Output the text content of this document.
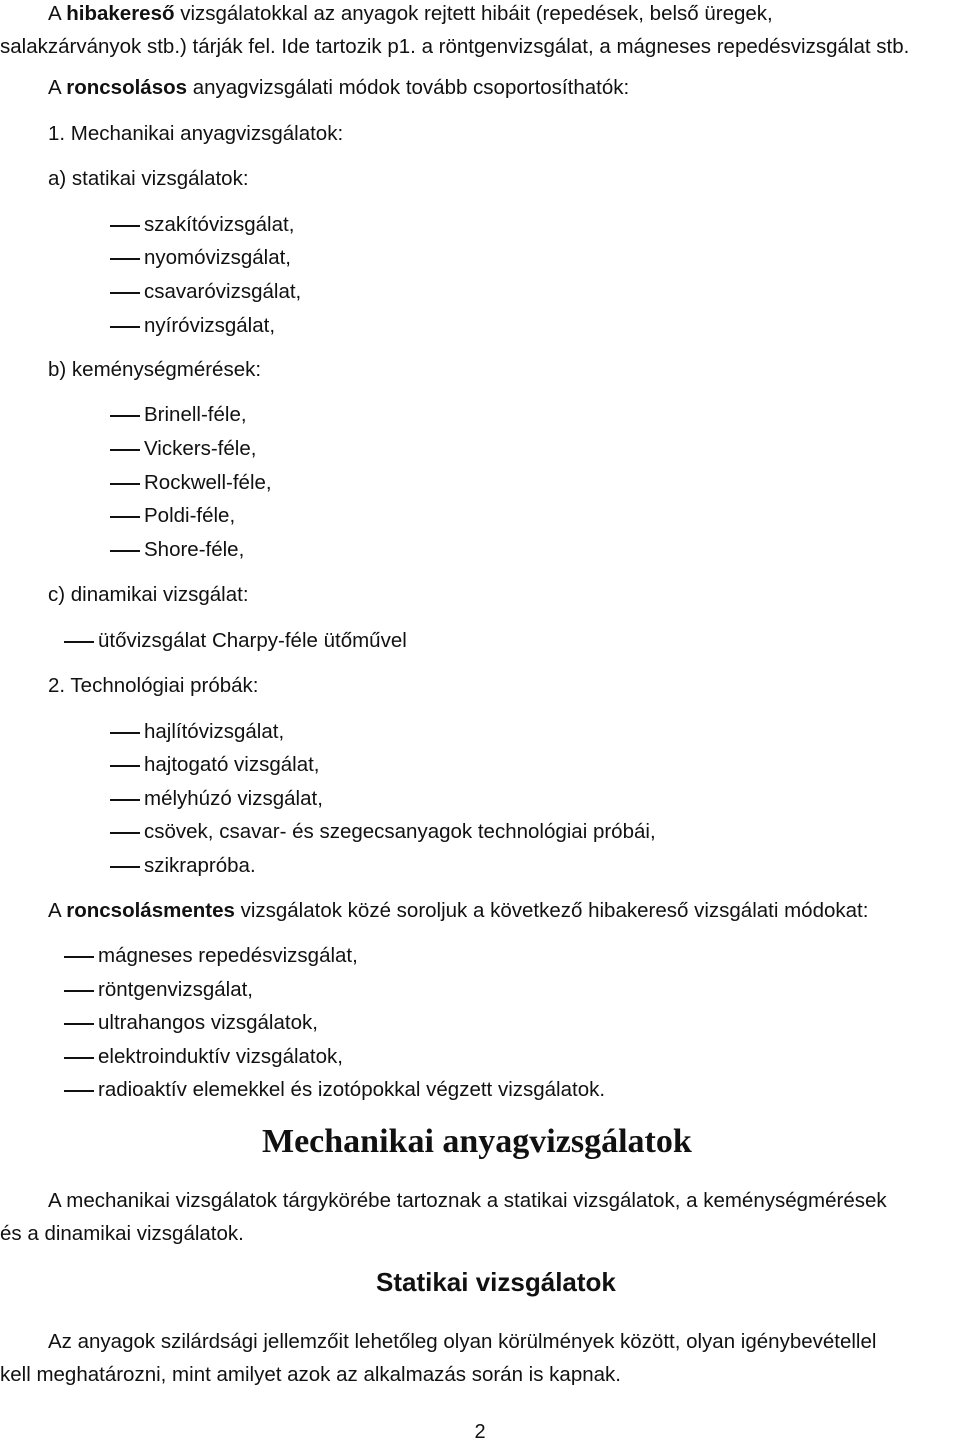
A hibakereső vizsgálatokkal az anyagok rejtett hibáit (repedések, belső üregek,
salakzárványok stb.) tárják fel. Ide tartozik p1. a röntgenvizsgálat, a mágneses repedésvizsgálat stb.
A roncsolásos anyagvizsgálati módok tovább csoportosíthatók:
1. Mechanikai anyagvizsgálatok:
a) statikai vizsgálatok:
szakítóvizsgálat,
nyomóvizsgálat,
csavaróvizsgálat,
nyíróvizsgálat,
b) keménységmérések:
Brinell-féle,
Vickers-féle,
Rockwell-féle,
Poldi-féle,
Shore-féle,
c) dinamikai vizsgálat:
ütővizsgálat Charpy-féle ütőművel
2. Technológiai próbák:
hajlítóvizsgálat,
hajtogató vizsgálat,
mélyhúzó vizsgálat,
csövek, csavar- és szegecsanyagok technológiai próbái,
szikrapróba.
A roncsolásmentes vizsgálatok közé soroljuk a következő hibakereső vizsgálati módokat:
mágneses repedésvizsgálat,
röntgenvizsgálat,
ultrahangos vizsgálatok,
elektroinduktív vizsgálatok,
radioaktív elemekkel és izotópokkal végzett vizsgálatok.
Mechanikai anyagvizsgálatok
A mechanikai vizsgálatok tárgykörébe tartoznak a statikai vizsgálatok, a keménységmérések
és a dinamikai vizsgálatok.
Statikai vizsgálatok
Az anyagok szilárdsági jellemzőit lehetőleg olyan körülmények között, olyan igénybevétellel
kell meghatározni, mint amilyet azok az alkalmazás során is kapnak.
2
